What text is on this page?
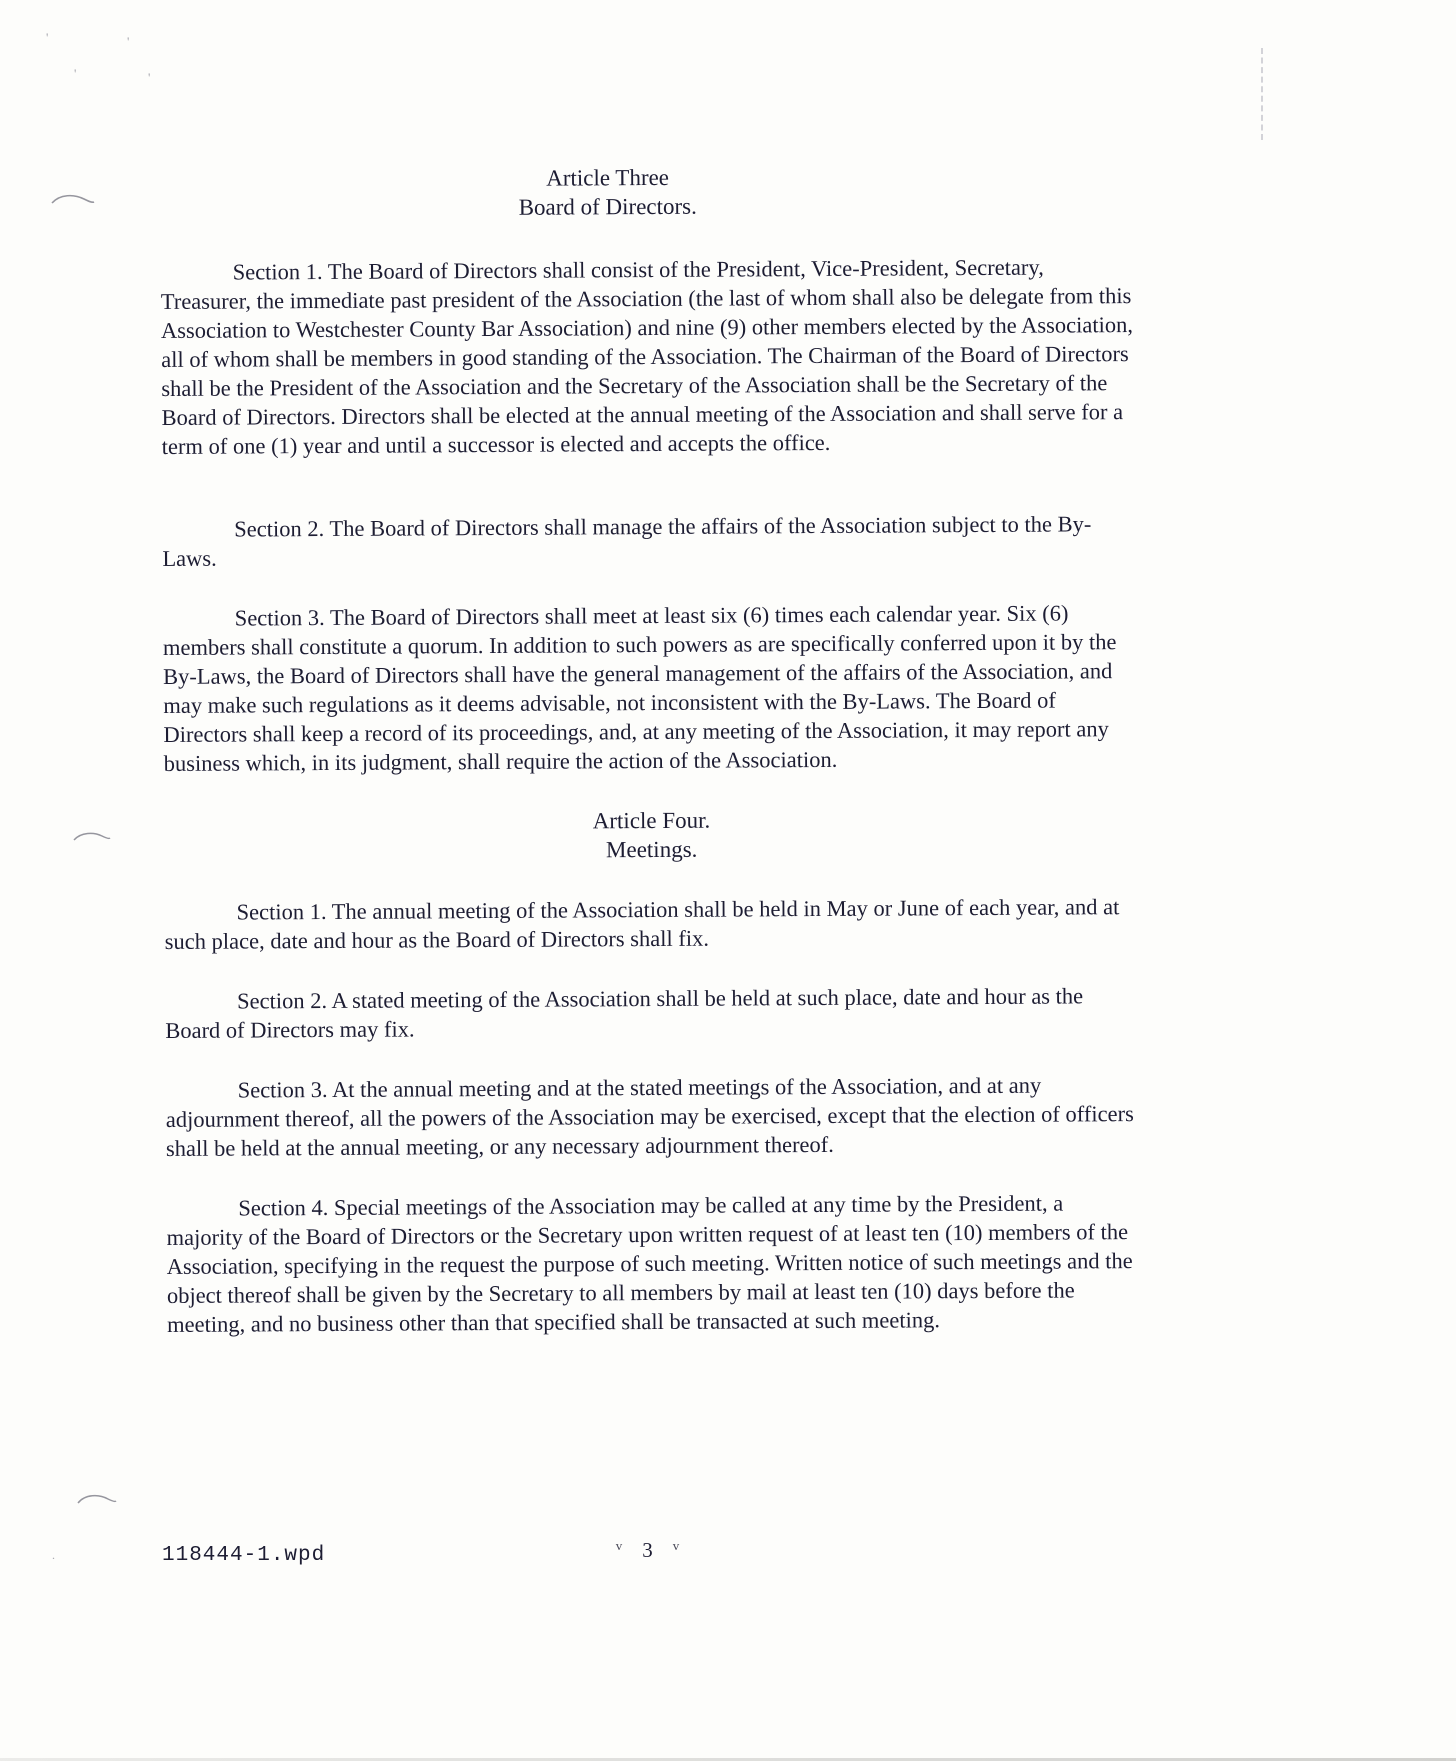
'	'
'	'
.
Article Three
Board of Directors.

Section 1. The Board of Directors shall consist of the President, Vice-President, Secretary, Treasurer, the immediate past president of the Association (the last of whom shall also be delegate from this Association to Westchester County Bar Association) and nine (9) other members elected by the Association, all of whom shall be members in good standing of the Association. The Chairman of the Board of Directors shall be the President of the Association and the Secretary of the Association shall be the Secretary of the Board of Directors. Directors shall be elected at the annual meeting of the Association and shall serve for a term of one (1) year and until a successor is elected and accepts the office.

Section 2. The Board of Directors shall manage the affairs of the Association subject to the By-Laws.

Section 3. The Board of Directors shall meet at least six (6) times each calendar year. Six (6) members shall constitute a quorum. In addition to such powers as are specifically conferred upon it by the By-Laws, the Board of Directors shall have the general management of the affairs of the Association, and may make such regulations as it deems advisable, not inconsistent with the By-Laws. The Board of Directors shall keep a record of its proceedings, and, at any meeting of the Association, it may report any business which, in its judgment, shall require the action of the Association.

Article Four.
Meetings.

Section 1. The annual meeting of the Association shall be held in May or June of each year, and at such place, date and hour as the Board of Directors shall fix.

Section 2. A stated meeting of the Association shall be held at such place, date and hour as the Board of Directors may fix.

Section 3. At the annual meeting and at the stated meetings of the Association, and at any adjournment thereof, all the powers of the Association may be exercised, except that the election of officers shall be held at the annual meeting, or any necessary adjournment thereof.

Section 4. Special meetings of the Association may be called at any time by the President, a majority of the Board of Directors or the Secretary upon written request of at least ten (10) members of the Association, specifying in the request the purpose of such meeting. Written notice of such meetings and the object thereof shall be given by the Secretary to all members by mail at least ten (10) days before the meeting, and no business other than that specified shall be transacted at such meeting.

118444-1.wpd	$^v$ 3 $^v$
